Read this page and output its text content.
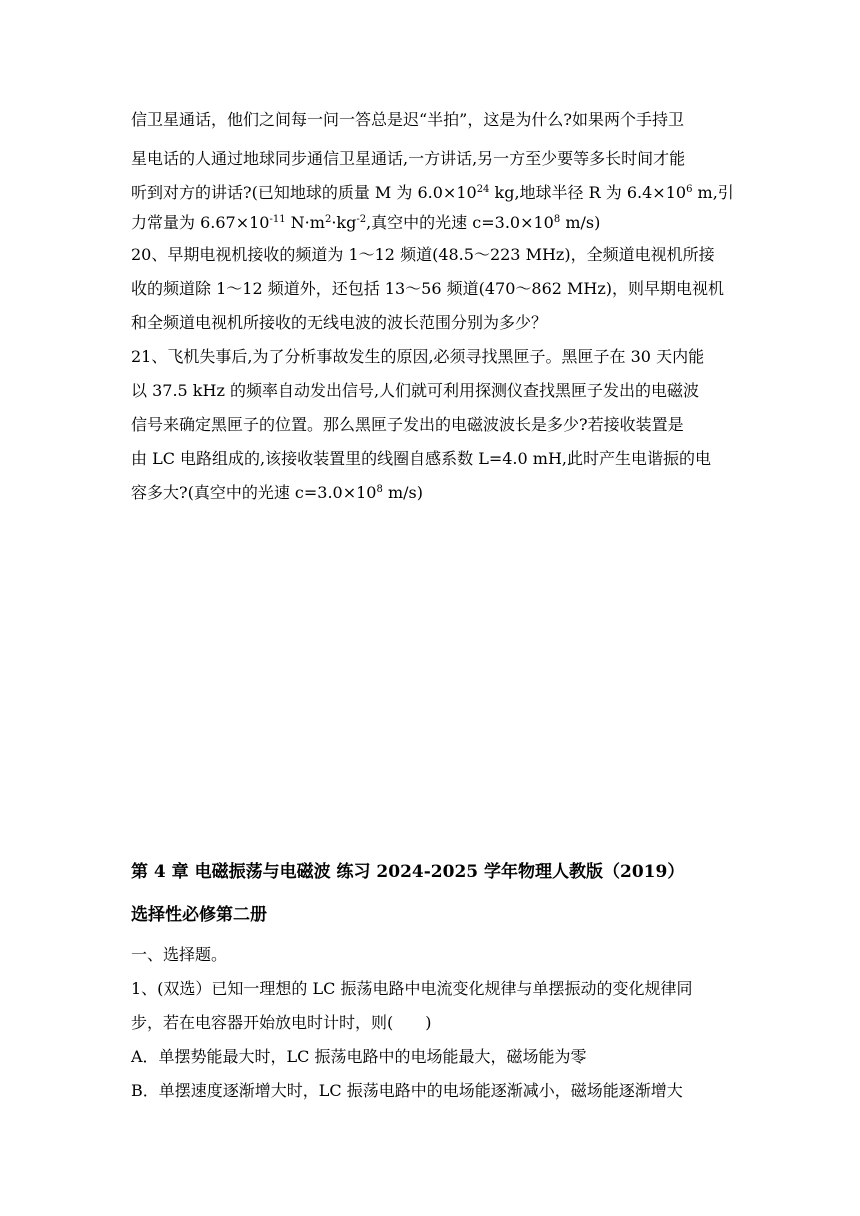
信卫星通话，他们之间每一问一答总是迟“半拍”，这是为什么?如果两个手持卫
星电话的人通过地球同步通信卫星通话,一方讲话,另一方至少要等多长时间才能
听到对方的讲话?(已知地球的质量 M 为 $6.0\times 10^{24}$ kg,地球半径 R 为 $6.4\times 10^6$ m,引
力常量为 $6.67\times 10^{-11}$ $N\cdot m^2\cdot kg^{-2}$,真空中的光速 $c=3.0\times 10^8$ m/s)
20、早期电视机接收的频道为 1～12 频道(48.5～223 MHz)，全频道电视机所接
收的频道除 1～12 频道外，还包括 13～56 频道(470～862 MHz)，则早期电视机
和全频道电视机所接收的无线电波的波长范围分别为多少？
21、飞机失事后,为了分析事故发生的原因,必须寻找黑匣子。黑匣子在 30 天内能
以 37.5 kHz 的频率自动发出信号,人们就可利用探测仪查找黑匣子发出的电磁波
信号来确定黑匣子的位置。那么黑匣子发出的电磁波波长是多少?若接收装置是
由 LC 电路组成的,该接收装置里的线圈自感系数 L=4.0 mH,此时产生电谐振的电
容多大?(真空中的光速 $c=3.0\times 10^8$ m/s)
第 4 章 电磁振荡与电磁波 练习 2024-2025 学年物理人教版（2019）
选择性必修第二册
一、选择题。
1、(双选）已知一理想的 LC 振荡电路中电流变化规律与单摆振动的变化规律同
步，若在电容器开始放电时计时，则(　　)
A．单摆势能最大时，LC 振荡电路中的电场能最大，磁场能为零
B．单摆速度逐渐增大时，LC 振荡电路中的电场能逐渐减小，磁场能逐渐增大
